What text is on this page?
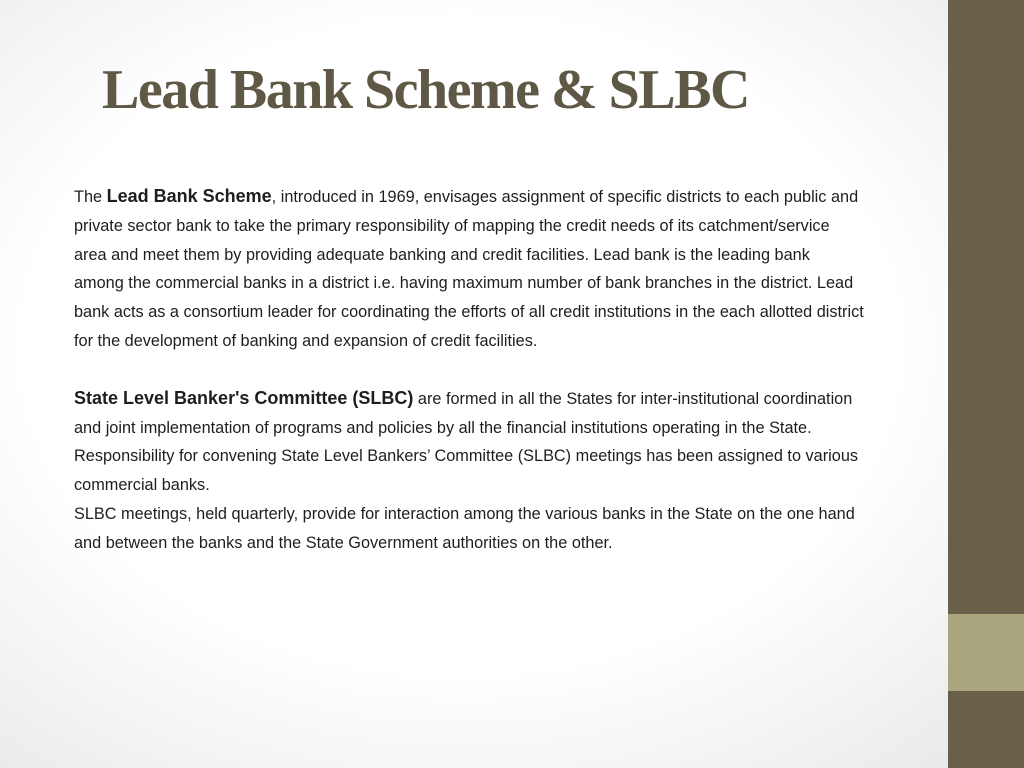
Lead Bank Scheme & SLBC

The Lead Bank Scheme, introduced in 1969, envisages assignment of specific districts to each public and private sector bank to take the primary responsibility of mapping the credit needs of its catchment/service area and meet them by providing adequate banking and credit facilities. Lead bank is the leading bank among the commercial banks in a district i.e. having maximum number of bank branches in the district. Lead bank acts as a consortium leader for coordinating the efforts of all credit institutions in the each allotted district for the development of banking and expansion of credit facilities.

State Level Banker's Committee (SLBC) are formed in all the States for inter-institutional coordination and joint implementation of programs and policies by all the financial institutions operating in the State. Responsibility for convening State Level Bankers’ Committee (SLBC) meetings has been assigned to various commercial banks.

SLBC meetings, held quarterly, provide for interaction among the various banks in the State on the one hand and between the banks and the State Government authorities on the other.
